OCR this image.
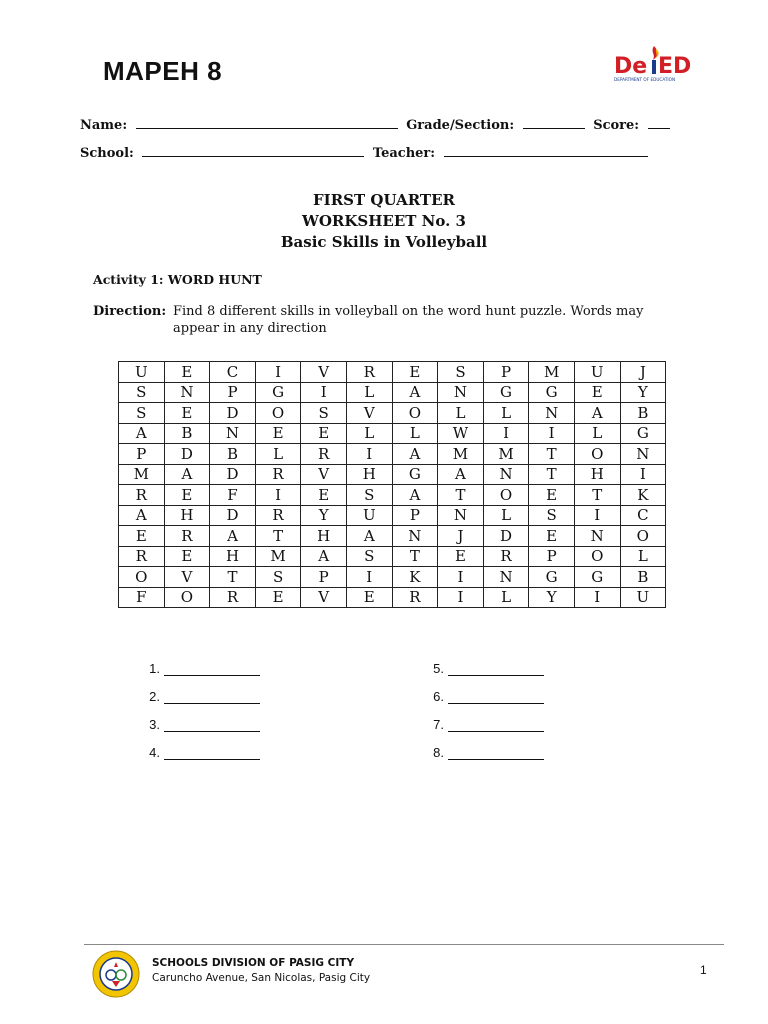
MAPEH 8	De ED
DEPARTMENT OF EDUCATION
Name:	Grade/Section:	Score:
School:	Teacher:
FIRST QUARTER
WORKSHEET No. 3
Basic Skills in Volleyball
Activity 1: WORD HUNT
Direction: Find 8 different skills in volleyball on the word hunt puzzle. Words may appear in any direction
U	E	C	I	V	R	E	S	P	M	U	J
S	N	P	G	I	L	A	N	G	G	E	Y
S	E	D	O	S	V	O	L	L	N	A	B
A	B	N	E	E	L	L	W	I	I	L	G
P	D	B	L	R	I	A	M	M	T	O	N
M	A	D	R	V	H	G	A	N	T	H	I
R	E	F	I	E	S	A	T	O	E	T	K
A	H	D	R	Y	U	P	N	L	S	I	C
E	R	A	T	H	A	N	J	D	E	N	O
R	E	H	M	A	S	T	E	R	P	O	L
O	V	T	S	P	I	K	I	N	G	G	B
F	O	R	E	V	E	R	I	L	Y	I	U
1.
2.
3.
4.
5.
6.
7.
8.
SCHOOLS DIVISION OF PASIG CITY
Caruncho Avenue, San Nicolas, Pasig City
1
